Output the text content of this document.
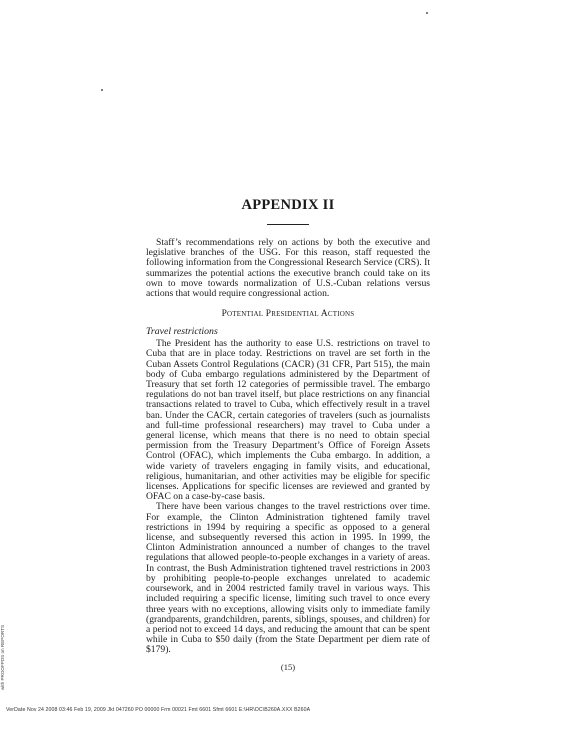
APPENDIX II

Staff’s recommendations rely on actions by both the executive and legislative branches of the USG. For this reason, staff requested the following information from the Congressional Research Service (CRS). It summarizes the potential actions the executive branch could take on its own to move towards normalization of U.S.-Cuban relations versus actions that would require congressional action.

Potential Presidential Actions
Travel restrictions

The President has the authority to ease U.S. restrictions on travel to Cuba that are in place today. Restrictions on travel are set forth in the Cuban Assets Control Regulations (CACR) (31 CFR, Part 515), the main body of Cuba embargo regulations administered by the Department of Treasury that set forth 12 categories of permissible travel. The embargo regulations do not ban travel itself, but place restrictions on any financial transactions related to travel to Cuba, which effectively result in a travel ban. Under the CACR, certain categories of travelers (such as journalists and full-time professional researchers) may travel to Cuba under a general license, which means that there is no need to obtain special permission from the Treasury Department’s Office of Foreign Assets Control (OFAC), which implements the Cuba embargo. In addition, a wide variety of travelers engaging in family visits, and educational, religious, humanitarian, and other activities may be eligible for specific licenses. Applications for specific licenses are reviewed and granted by OFAC on a case-by-case basis.

There have been various changes to the travel restrictions over time. For example, the Clinton Administration tightened family travel restrictions in 1994 by requiring a specific as opposed to a general license, and subsequently reversed this action in 1995. In 1999, the Clinton Administration announced a number of changes to the travel regulations that allowed people-to-people exchanges in a variety of areas. In contrast, the Bush Administration tightened travel restrictions in 2003 by prohibiting people-to-people exchanges unrelated to academic coursework, and in 2004 restricted family travel in various ways. This included requiring a specific license, limiting such travel to once every three years with no exceptions, allowing visits only to immediate family (grandparents, grandchildren, parents, siblings, spouses, and children) for a period not to exceed 14 days, and reducing the amount that can be spent while in Cuba to $50 daily (from the State Department per diem rate of $179).

(15)
with PROOFPDS on REPORTS
VerDate Nov 24 2008 03:46 Feb 19, 2009 Jkt 047260 PO 00000 Frm 00021 Fmt 6601 Sfmt 6601 E:\HR\OC\B260A.XXX B260A
